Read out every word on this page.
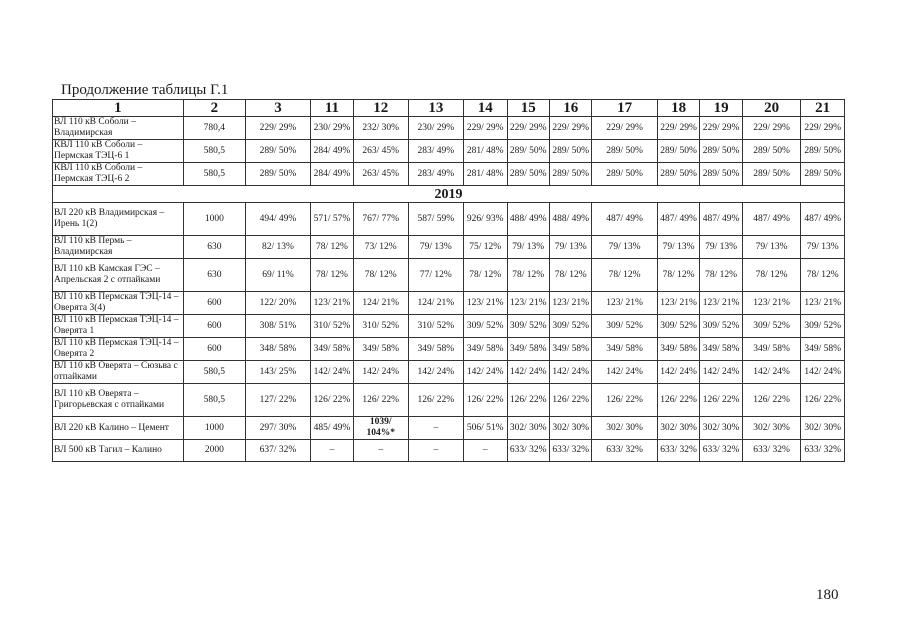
Продолжение таблицы Г.1
1	2	3	11	12	13	14	15	16	17	18	19	20	21
ВЛ 110 кВ Соболи – Владимирская	780,4	229/ 29%	230/ 29%	232/ 30%	230/ 29%	229/ 29%	229/ 29%	229/ 29%	229/ 29%	229/ 29%	229/ 29%	229/ 29%	229/ 29%
КВЛ 110 кВ Соболи – Пермская ТЭЦ-6 1	580,5	289/ 50%	284/ 49%	263/ 45%	283/ 49%	281/ 48%	289/ 50%	289/ 50%	289/ 50%	289/ 50%	289/ 50%	289/ 50%	289/ 50%
КВЛ 110 кВ Соболи – Пермская ТЭЦ-6 2	580,5	289/ 50%	284/ 49%	263/ 45%	283/ 49%	281/ 48%	289/ 50%	289/ 50%	289/ 50%	289/ 50%	289/ 50%	289/ 50%	289/ 50%
2019													
ВЛ 220 кВ Владимирская – Ирень 1(2)	1000	494/ 49%	571/ 57%	767/ 77%	587/ 59%	926/ 93%	488/ 49%	488/ 49%	487/ 49%	487/ 49%	487/ 49%	487/ 49%	487/ 49%
ВЛ 110 кВ Пермь – Владимирская	630	82/ 13%	78/ 12%	73/ 12%	79/ 13%	75/ 12%	79/ 13%	79/ 13%	79/ 13%	79/ 13%	79/ 13%	79/ 13%	79/ 13%
ВЛ 110 кВ Камская ГЭС – Апрельская 2 с отпайками	630	69/ 11%	78/ 12%	78/ 12%	77/ 12%	78/ 12%	78/ 12%	78/ 12%	78/ 12%	78/ 12%	78/ 12%	78/ 12%	78/ 12%
ВЛ 110 кВ Пермская ТЭЦ-14 – Оверята 3(4)	600	122/ 20%	123/ 21%	124/ 21%	124/ 21%	123/ 21%	123/ 21%	123/ 21%	123/ 21%	123/ 21%	123/ 21%	123/ 21%	123/ 21%
ВЛ 110 кВ Пермская ТЭЦ-14 – Оверята 1	600	308/ 51%	310/ 52%	310/ 52%	310/ 52%	309/ 52%	309/ 52%	309/ 52%	309/ 52%	309/ 52%	309/ 52%	309/ 52%	309/ 52%
ВЛ 110 кВ Пермская ТЭЦ-14 – Оверята 2	600	348/ 58%	349/ 58%	349/ 58%	349/ 58%	349/ 58%	349/ 58%	349/ 58%	349/ 58%	349/ 58%	349/ 58%	349/ 58%	349/ 58%
ВЛ 110 кВ Оверята – Сюзьва с отпайками	580,5	143/ 25%	142/ 24%	142/ 24%	142/ 24%	142/ 24%	142/ 24%	142/ 24%	142/ 24%	142/ 24%	142/ 24%	142/ 24%	142/ 24%
ВЛ 110 кВ Оверята – Григорьевская с отпайками	580,5	127/ 22%	126/ 22%	126/ 22%	126/ 22%	126/ 22%	126/ 22%	126/ 22%	126/ 22%	126/ 22%	126/ 22%	126/ 22%	126/ 22%
ВЛ 220 кВ Калино – Цемент	1000	297/ 30%	485/ 49%	1039/ 104%*	–	506/ 51%	302/ 30%	302/ 30%	302/ 30%	302/ 30%	302/ 30%	302/ 30%	302/ 30%
ВЛ 500 кВ Тагил – Калино	2000	637/ 32%	–	–	–	–	633/ 32%	633/ 32%	633/ 32%	633/ 32%	633/ 32%	633/ 32%	633/ 32%
180
